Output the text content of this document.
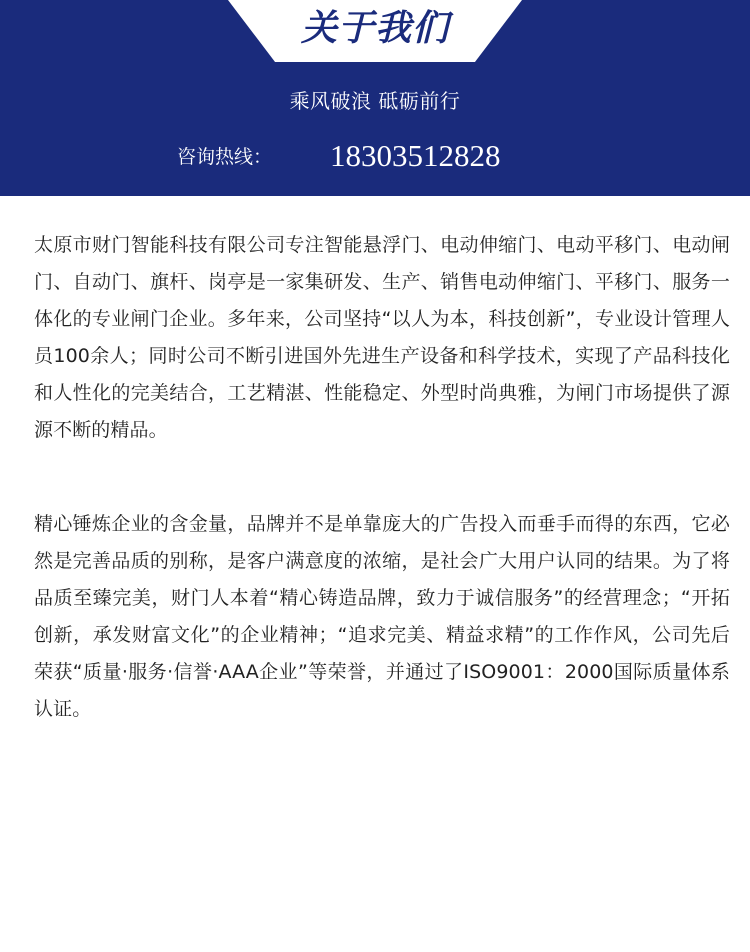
关于我们
乘风破浪 砥砺前行
咨询热线： 18303512828

太原市财门智能科技有限公司专注智能悬浮门、电动伸缩门、电动平移门、电动闸门、自动门、旗杆、岗亭是一家集研发、生产、销售电动伸缩门、平移门、服务一体化的专业闸门企业。多年来，公司坚持“以人为本，科技创新”，专业设计管理人员100余人；同时公司不断引进国外先进生产设备和科学技术，实现了产品科技化和人性化的完美结合，工艺精湛、性能稳定、外型时尚典雅，为闸门市场提供了源源不断的精品。

精心锤炼企业的含金量，品牌并不是单靠庞大的广告投入而垂手而得的东西，它必然是完善品质的别称，是客户满意度的浓缩，是社会广大用户认同的结果。为了将品质至臻完美，财门人本着“精心铸造品牌，致力于诚信服务”的经营理念；“开拓创新，承发财富文化”的企业精神；“追求完美、精益求精”的工作作风，公司先后荣获“质量·服务·信誉·AAA企业”等荣誉，并通过了ISO9001：2000国际质量体系认证。
